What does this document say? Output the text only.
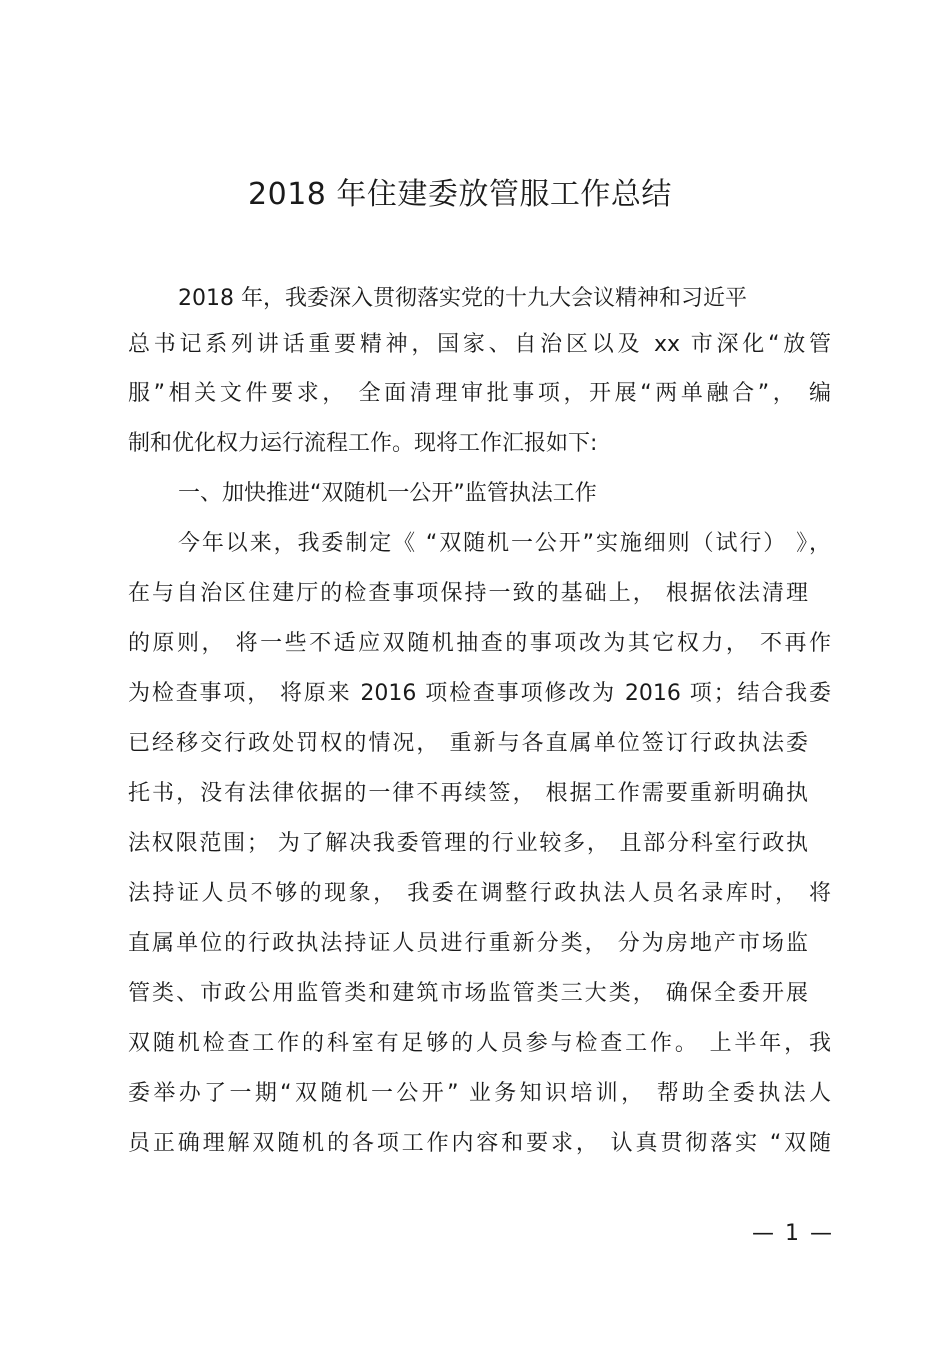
2018 年住建委放管服工作总结
2018 年，我委深入贯彻落实党的十九大会议精神和习近平
总书记系列讲话重要精神，国家、自治区以及 xx 市深化“放管
服”相关文件要求， 全面清理审批事项，开展“两单融合”， 编
制和优化权力运行流程工作。现将工作汇报如下:
一、加快推进“双随机一公开”监管执法工作
今年以来，我委制定《 “双随机一公开”实施细则（试行） 》，
在与自治区住建厅的检查事项保持一致的基础上， 根据依法清理
的原则， 将一些不适应双随机抽查的事项改为其它权力， 不再作
为检查事项， 将原来 2016 项检查事项修改为 2016 项；结合我委
已经移交行政处罚权的情况， 重新与各直属单位签订行政执法委
托书，没有法律依据的一律不再续签， 根据工作需要重新明确执
法权限范围； 为了解决我委管理的行业较多， 且部分科室行政执
法持证人员不够的现象， 我委在调整行政执法人员名录库时， 将
直属单位的行政执法持证人员进行重新分类， 分为房地产市场监
管类、市政公用监管类和建筑市场监管类三大类， 确保全委开展
双随机检查工作的科室有足够的人员参与检查工作。 上半年，我
委举办了一期“双随机一公开” 业务知识培训， 帮助全委执法人
员正确理解双随机的各项工作内容和要求， 认真贯彻落实 “双随
— 1 —
